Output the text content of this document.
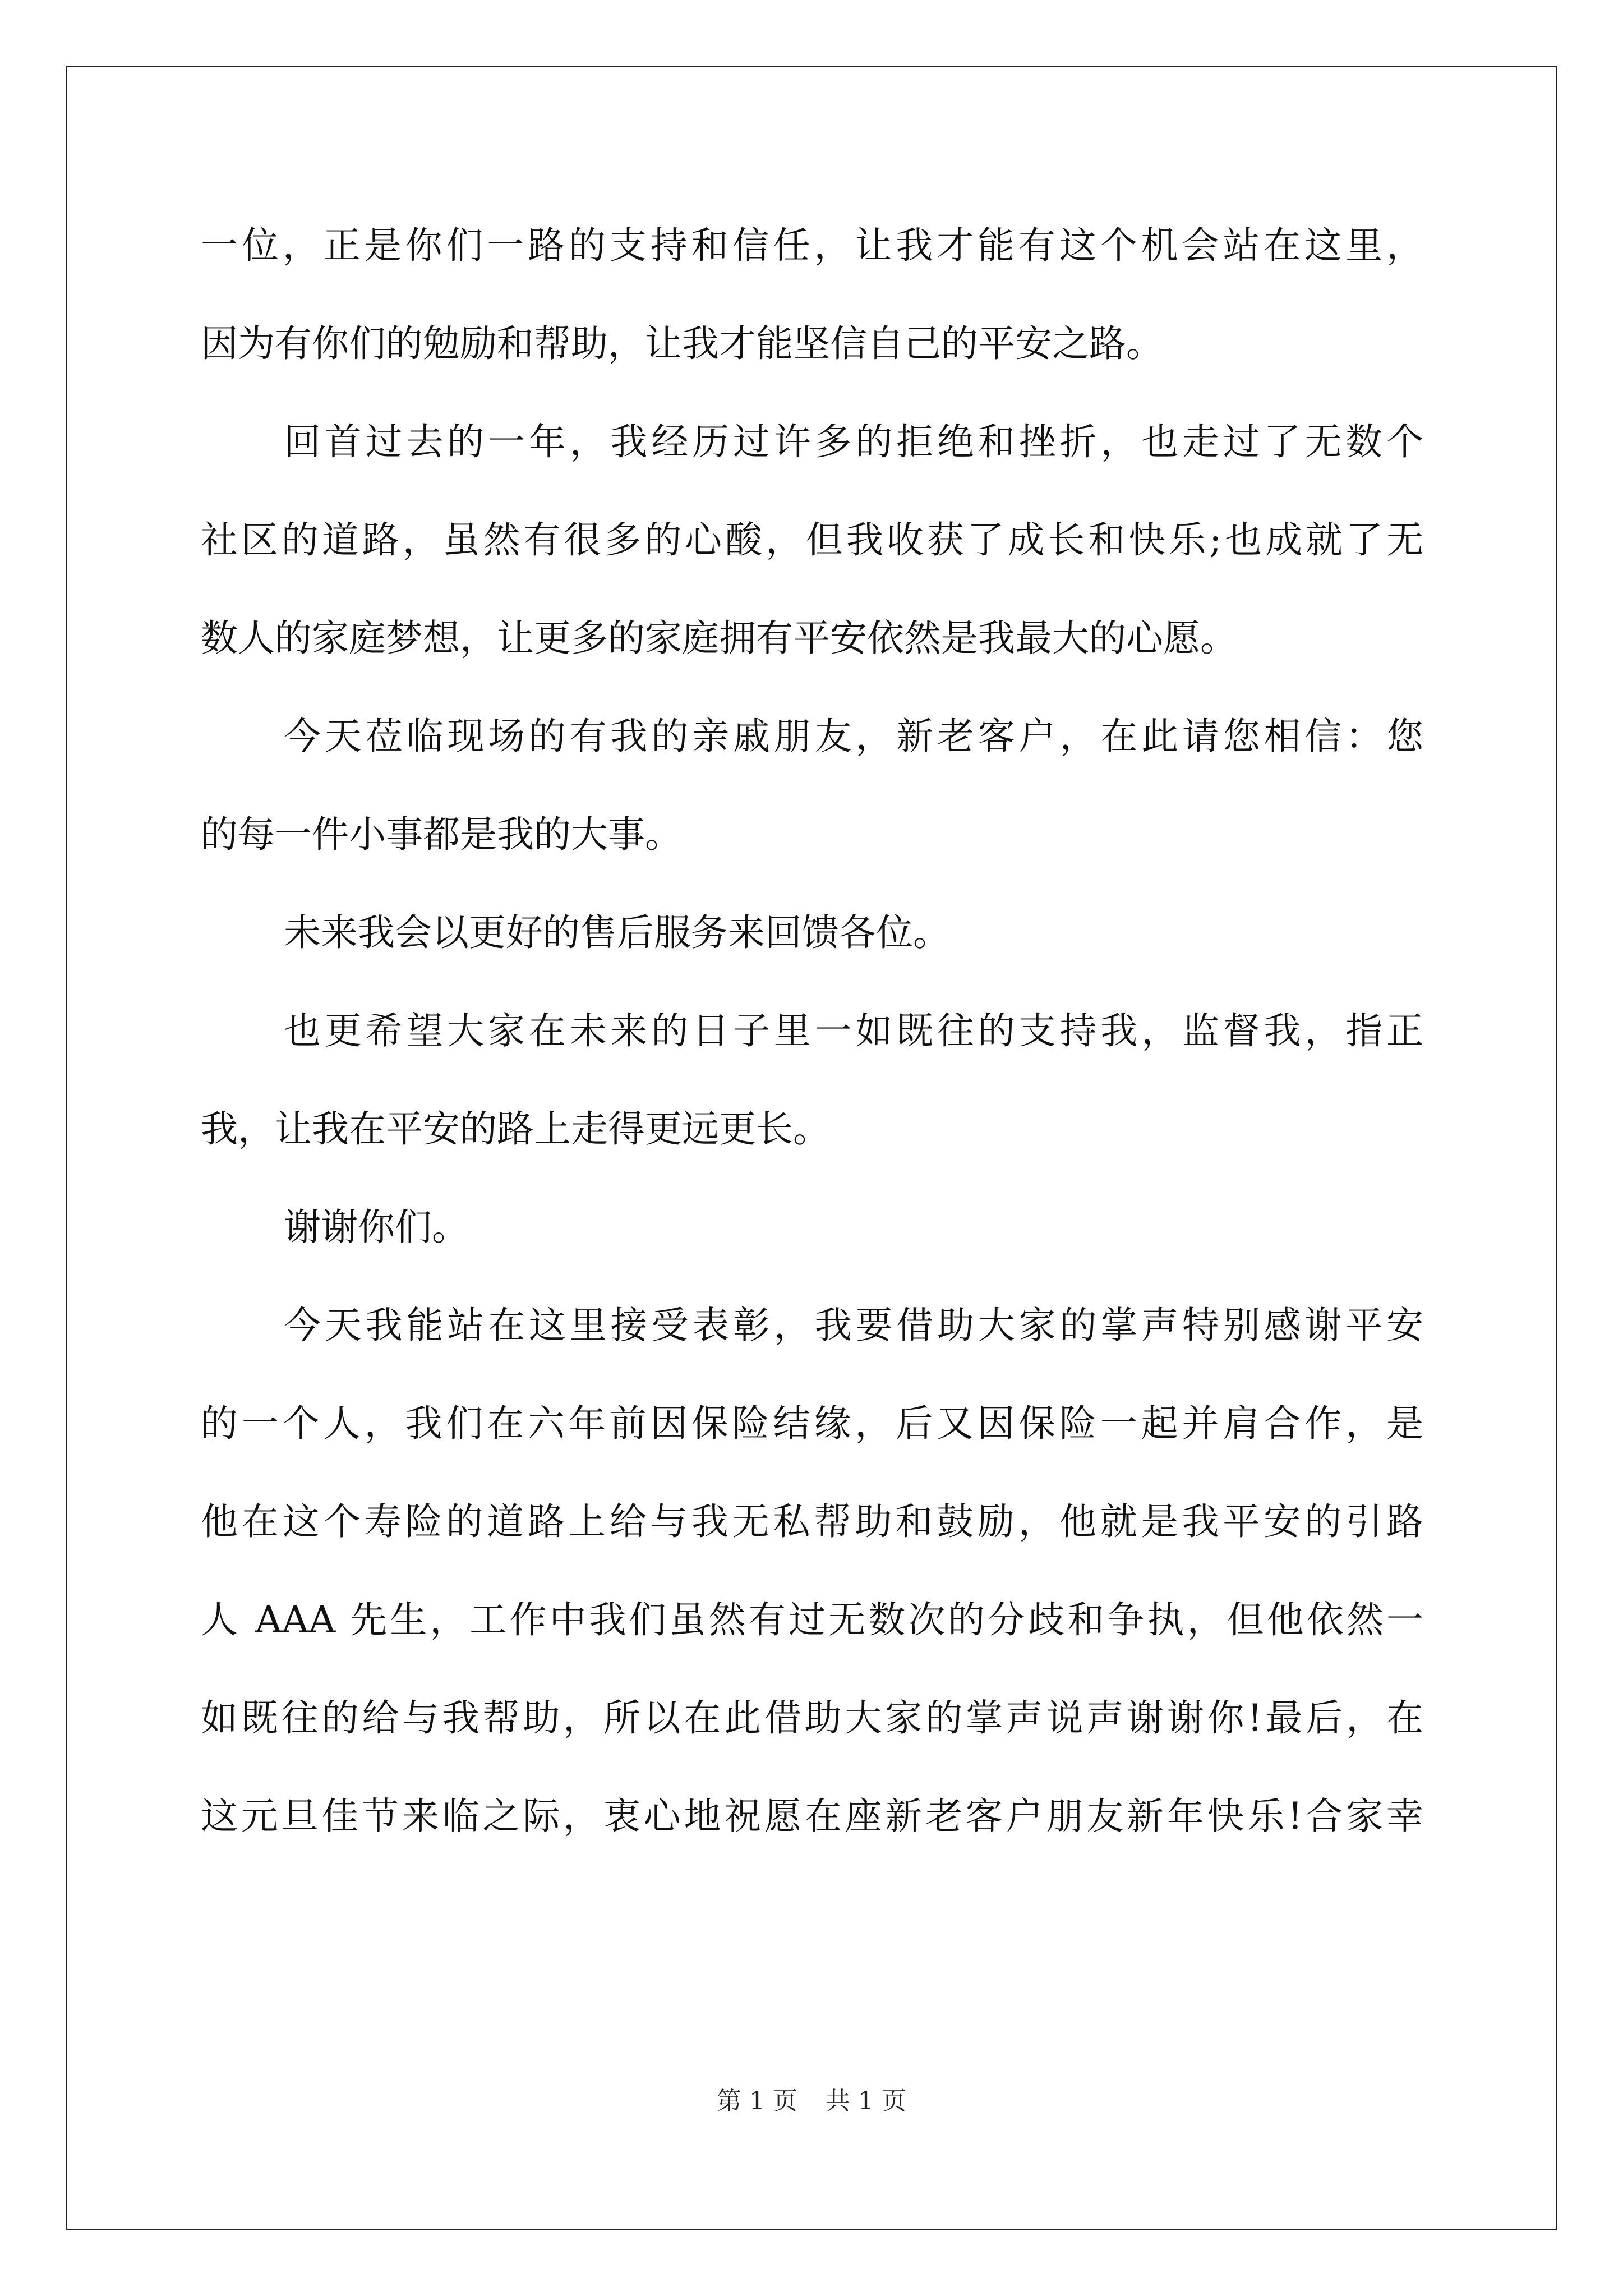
一位，正是你们一路的支持和信任，让我才能有这个机会站在这里，
因为有你们的勉励和帮助，让我才能坚信自己的平安之路。
回首过去的一年，我经历过许多的拒绝和挫折，也走过了无数个
社区的道路，虽然有很多的心酸，但我收获了成长和快乐;也成就了无
数人的家庭梦想，让更多的家庭拥有平安依然是我最大的心愿。
今天莅临现场的有我的亲戚朋友，新老客户，在此请您相信：您
的每一件小事都是我的大事。
未来我会以更好的售后服务来回馈各位。
也更希望大家在未来的日子里一如既往的支持我，监督我，指正
我，让我在平安的路上走得更远更长。
谢谢你们。
今天我能站在这里接受表彰，我要借助大家的掌声特别感谢平安
的一个人，我们在六年前因保险结缘，后又因保险一起并肩合作，是
他在这个寿险的道路上给与我无私帮助和鼓励，他就是我平安的引路
人 AAA 先生，工作中我们虽然有过无数次的分歧和争执，但他依然一
如既往的给与我帮助，所以在此借助大家的掌声说声谢谢你!最后，在
这元旦佳节来临之际，衷心地祝愿在座新老客户朋友新年快乐!合家幸
第 1 页 共 1 页
